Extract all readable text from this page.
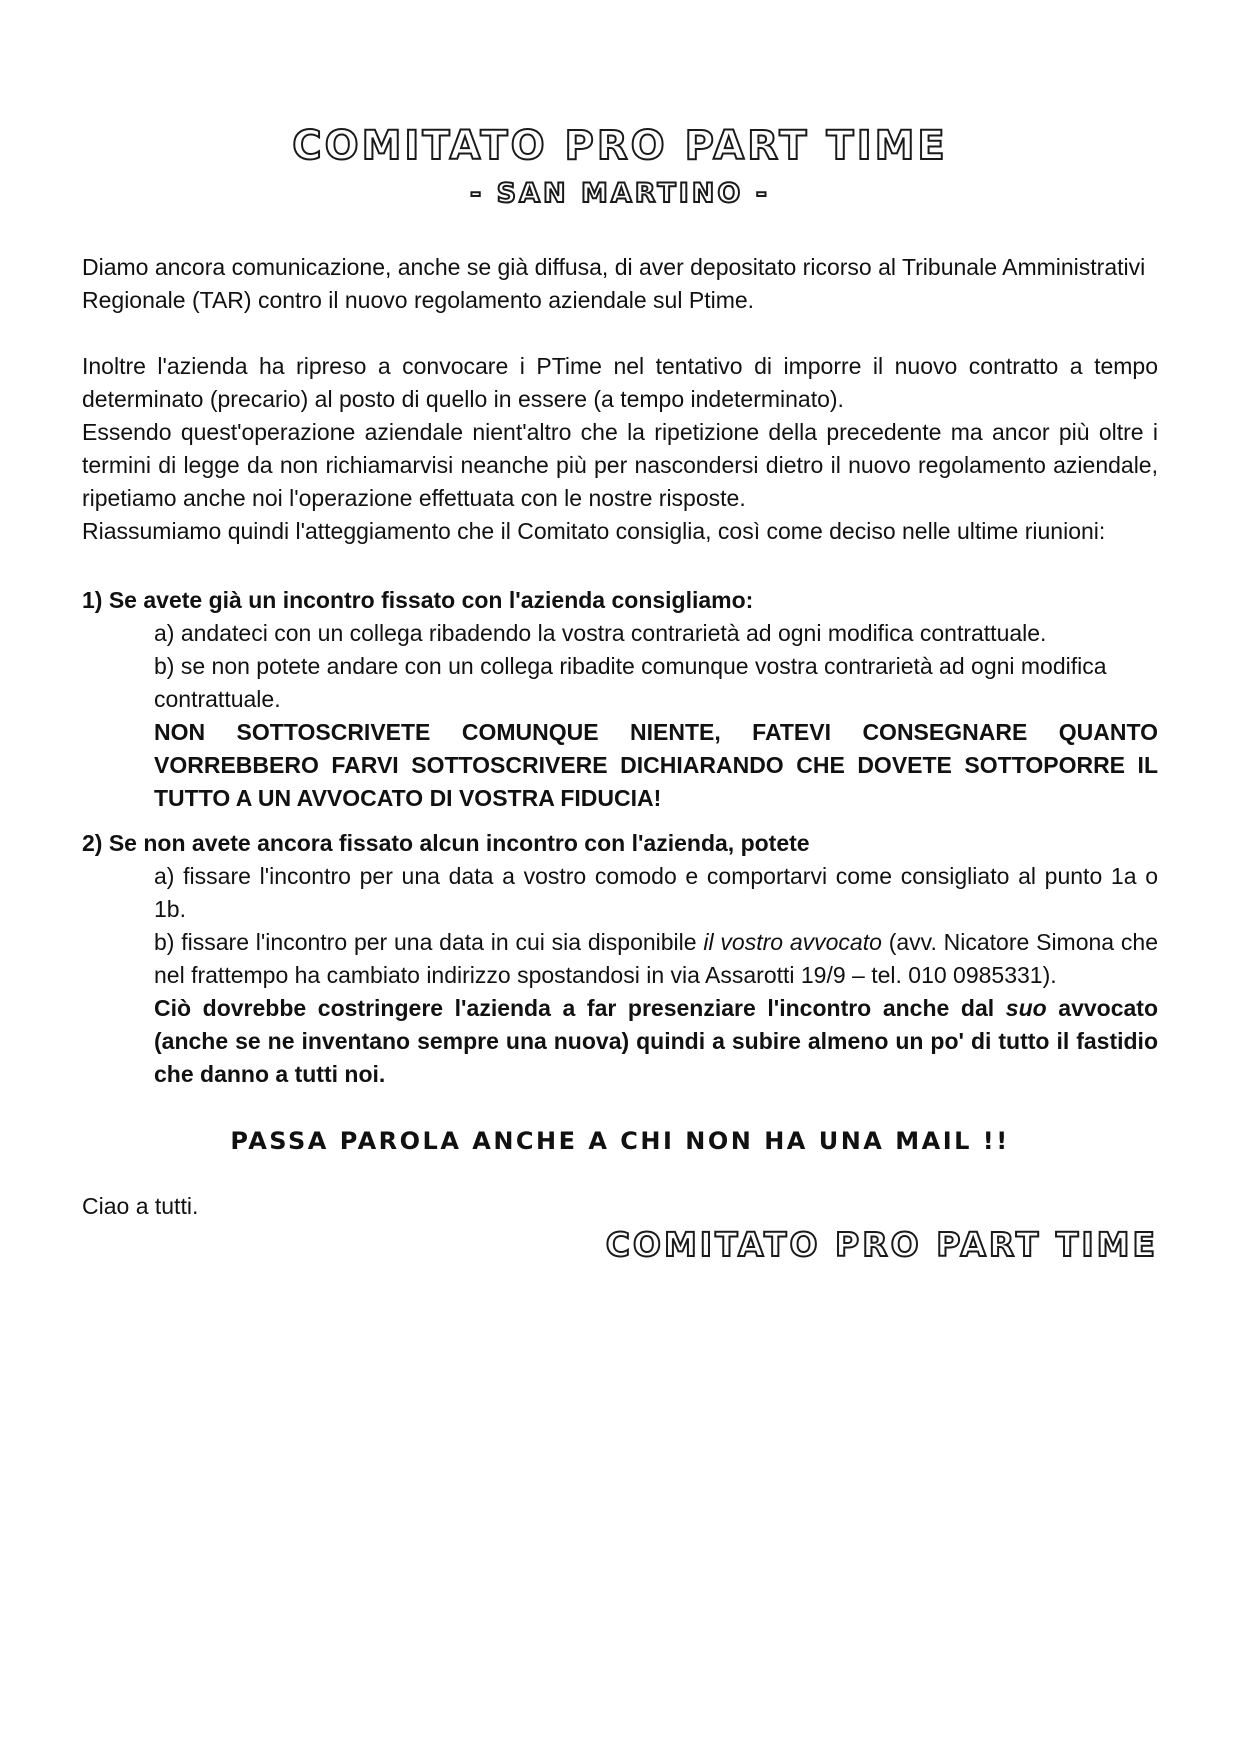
COMITATO PRO PART TIME
- SAN MARTINO -

Diamo ancora comunicazione, anche se già diffusa, di aver depositato ricorso al Tribunale Amministrativi Regionale (TAR) contro il nuovo regolamento aziendale sul Ptime.

Inoltre l'azienda ha ripreso a convocare i PTime nel tentativo di imporre il nuovo contratto a tempo determinato (precario) al posto di quello in essere (a tempo indeterminato).

Essendo quest'operazione aziendale nient'altro che la ripetizione della precedente ma ancor più oltre i termini di legge da non richiamarvisi neanche più per nascondersi dietro il nuovo regolamento aziendale, ripetiamo anche noi l'operazione effettuata con le nostre risposte.

Riassumiamo quindi l'atteggiamento che il Comitato consiglia, così come deciso nelle ultime riunioni:

1) Se avete già un incontro fissato con l'azienda consigliamo:

a) andateci con un collega ribadendo la vostra contrarietà ad ogni modifica contrattuale.

b) se non potete andare con un collega ribadite comunque vostra contrarietà ad ogni modifica contrattuale.

NON SOTTOSCRIVETE COMUNQUE NIENTE, FATEVI CONSEGNARE QUANTO VORREBBERO FARVI SOTTOSCRIVERE DICHIARANDO CHE DOVETE SOTTOPORRE IL TUTTO A UN AVVOCATO DI VOSTRA FIDUCIA!

2) Se non avete ancora fissato alcun incontro con l'azienda, potete

a) fissare l'incontro per una data a vostro comodo e comportarvi come consigliato al punto 1a o 1b.

b) fissare l'incontro per una data in cui sia disponibile il vostro avvocato (avv. Nicatore Simona che nel frattempo ha cambiato indirizzo spostandosi in via Assarotti 19/9 – tel. 010 0985331).

Ciò dovrebbe costringere l'azienda a far presenziare l'incontro anche dal suo avvocato (anche se ne inventano sempre una nuova) quindi a subire almeno un po' di tutto il fastidio che danno a tutti noi.

PASSA PAROLA ANCHE A CHI NON HA UNA MAIL !!

Ciao a tutti.

COMITATO PRO PART TIME
